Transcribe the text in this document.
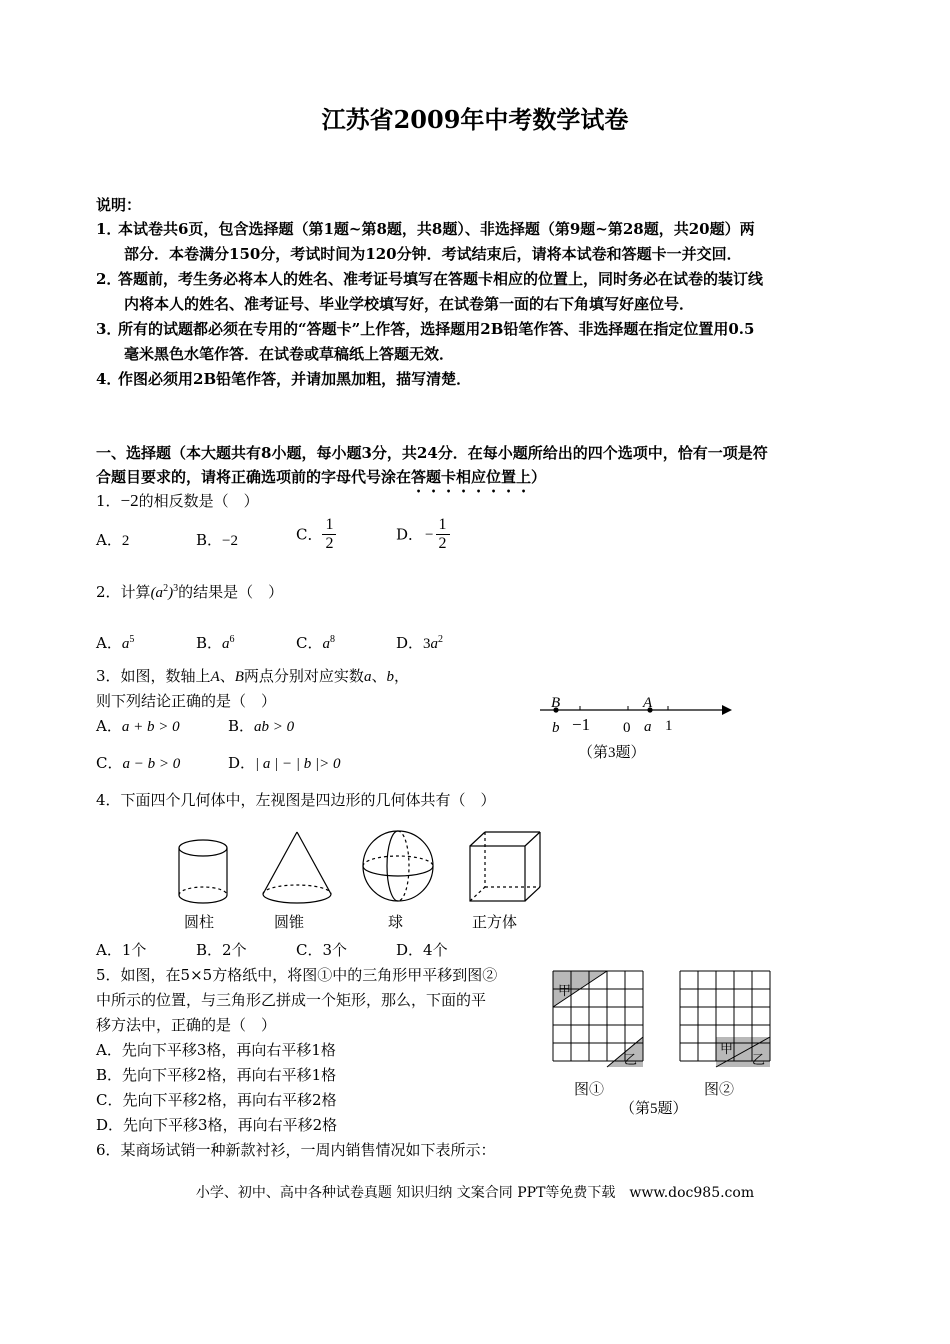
江苏省2009年中考数学试卷
说明：
1．本试卷共6页，包含选择题（第1题~第8题，共8题）、非选择题（第9题~第28题，共20题）两
部分．本卷满分150分，考试时间为120分钟．考试结束后，请将本试卷和答题卡一并交回．
2．答题前，考生务必将本人的姓名、准考证号填写在答题卡相应的位置上，同时务必在试卷的装订线
内将本人的姓名、准考证号、毕业学校填写好，在试卷第一面的右下角填写好座位号．
3．所有的试题都必须在专用的“答题卡”上作答，选择题用2B铅笔作答、非选择题在指定位置用0.5
毫米黑色水笔作答．在试卷或草稿纸上答题无效．
4．作图必须用2B铅笔作答，并请加黑加粗，描写清楚．
一、选择题（本大题共有8小题，每小题3分，共24分．在每小题所给出的四个选项中，恰有一项是符
合题目要求的，请将正确选项前的字母代号涂在答题卡相应位置上）
1．−2的相反数是（　）
A．2	B．−2	C． $\frac{1}{2}$	D． − $\frac{1}{2}$
2．计算$(a^2)^3$的结果是（　）
A．$a^5$	B．$a^6$	C．$a^8$	D．$3a^2$
3．如图，数轴上A、B两点分别对应实数a、b，
则下列结论正确的是（　）
A．a + b > 0	B．ab > 0
C．a − b > 0	D．| a | − | b |> 0
B	A
b −1 0 a 1
（第3题）
4．下面四个几何体中，左视图是四边形的几何体共有（　）
圆柱	圆锥	球	正方体
A．1个	B．2个	C．3个	D．4个
5．如图，在5×5方格纸中，将图①中的三角形甲平移到图②
中所示的位置，与三角形乙拼成一个矩形，那么，下面的平
移方法中，正确的是（　）
A．先向下平移3格，再向右平移1格
B．先向下平移2格，再向右平移1格
C．先向下平移2格，再向右平移2格
D．先向下平移3格，再向右平移2格
甲
乙
甲
乙
图①	图②
（第5题）
6．某商场试销一种新款衬衫，一周内销售情况如下表所示：
小学、初中、高中各种试卷真题 知识归纳 文案合同 PPT等免费下载　www.doc985.com
